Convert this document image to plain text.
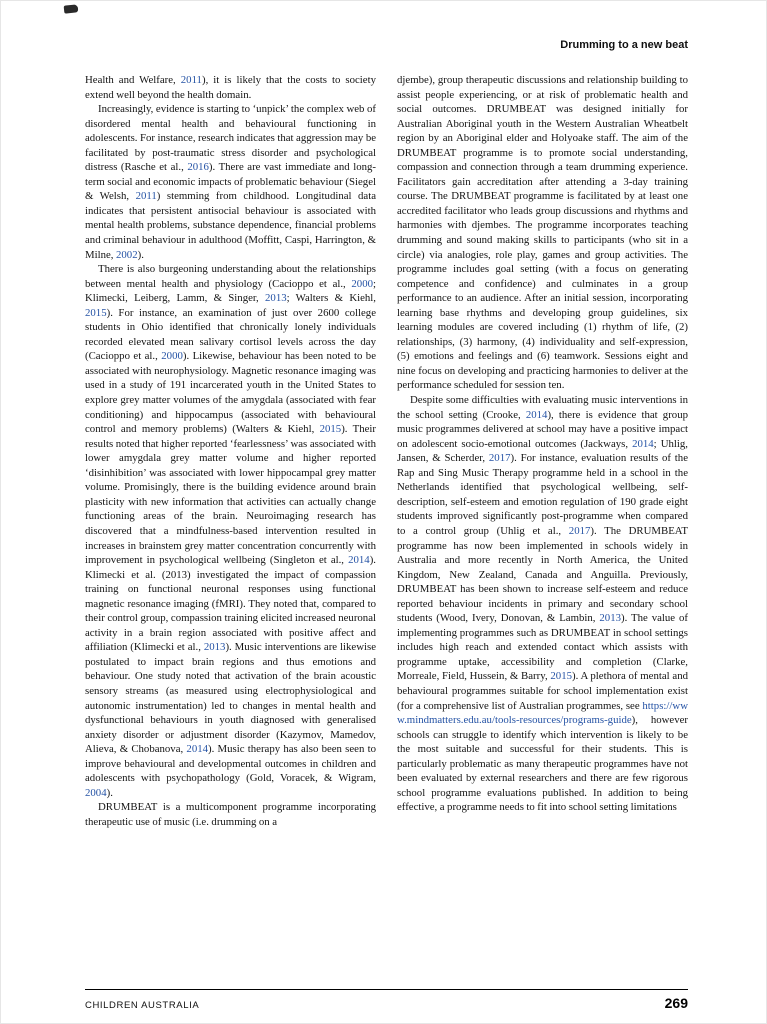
Drumming to a new beat

Health and Welfare, 2011), it is likely that the costs to society extend well beyond the health domain.

Increasingly, evidence is starting to ‘unpick’ the complex web of disordered mental health and behavioural functioning in adolescents. For instance, research indicates that aggression may be facilitated by post-traumatic stress disorder and psychological distress (Rasche et al., 2016). There are vast immediate and long-term social and economic impacts of problematic behaviour (Siegel & Welsh, 2011) stemming from childhood. Longitudinal data indicates that persistent antisocial behaviour is associated with mental health problems, substance dependence, financial problems and criminal behaviour in adulthood (Moffitt, Caspi, Harrington, & Milne, 2002).

There is also burgeoning understanding about the relationships between mental health and physiology (Cacioppo et al., 2000; Klimecki, Leiberg, Lamm, & Singer, 2013; Walters & Kiehl, 2015). For instance, an examination of just over 2600 college students in Ohio identified that chronically lonely individuals recorded elevated mean salivary cortisol levels across the day (Cacioppo et al., 2000). Likewise, behaviour has been noted to be associated with neurophysiology. Magnetic resonance imaging was used in a study of 191 incarcerated youth in the United States to explore grey matter volumes of the amygdala (associated with fear conditioning) and hippocampus (associated with behavioural control and memory problems) (Walters & Kiehl, 2015). Their results noted that higher reported ‘fearlessness’ was associated with lower amygdala grey matter volume and higher reported ‘disinhibition’ was associated with lower hippocampal grey matter volume. Promisingly, there is the building evidence around brain plasticity with new information that activities can actually change functioning areas of the brain. Neuroimaging research has discovered that a mindfulness-based intervention resulted in increases in brainstem grey matter concentration concurrently with improvement in psychological wellbeing (Singleton et al., 2014). Klimecki et al. (2013) investigated the impact of compassion training on functional neuronal responses using functional magnetic resonance imaging (fMRI). They noted that, compared to their control group, compassion training elicited increased neuronal activity in a brain region associated with positive affect and affiliation (Klimecki et al., 2013). Music interventions are likewise postulated to impact brain regions and thus emotions and behaviour. One study noted that activation of the brain acoustic sensory streams (as measured using electrophysiological and autonomic instrumentation) led to changes in mental health and dysfunctional behaviours in youth diagnosed with generalised anxiety disorder or adjustment disorder (Kazymov, Mamedov, Alieva, & Chobanova, 2014). Music therapy has also been seen to improve behavioural and developmental outcomes in children and adolescents with psychopathology (Gold, Voracek, & Wigram, 2004).

DRUMBEAT is a multicomponent programme incorporating therapeutic use of music (i.e. drumming on a

djembe), group therapeutic discussions and relationship building to assist people experiencing, or at risk of problematic health and social outcomes. DRUMBEAT was designed initially for Australian Aboriginal youth in the Western Australian Wheatbelt region by an Aboriginal elder and Holyoake staff. The aim of the DRUMBEAT programme is to promote social understanding, compassion and connection through a team drumming experience. Facilitators gain accreditation after attending a 3-day training course. The DRUMBEAT programme is facilitated by at least one accredited facilitator who leads group discussions and rhythms and harmonies with djembes. The programme incorporates teaching drumming and sound making skills to participants (who sit in a circle) via analogies, role play, games and group activities. The programme includes goal setting (with a focus on generating competence and confidence) and culminates in a group performance to an audience. After an initial session, incorporating learning base rhythms and developing group guidelines, six learning modules are covered including (1) rhythm of life, (2) relationships, (3) harmony, (4) individuality and self-expression, (5) emotions and feelings and (6) teamwork. Sessions eight and nine focus on developing and practicing harmonies to deliver at the performance scheduled for session ten.

Despite some difficulties with evaluating music interventions in the school setting (Crooke, 2014), there is evidence that group music programmes delivered at school may have a positive impact on adolescent socio-emotional outcomes (Jackways, 2014; Uhlig, Jansen, & Scherder, 2017). For instance, evaluation results of the Rap and Sing Music Therapy programme held in a school in the Netherlands identified that psychological wellbeing, self-description, self-esteem and emotion regulation of 190 grade eight students improved significantly post-programme when compared to a control group (Uhlig et al., 2017). The DRUMBEAT programme has now been implemented in schools widely in Australia and more recently in North America, the United Kingdom, New Zealand, Canada and Anguilla. Previously, DRUMBEAT has been shown to increase self-esteem and reduce reported behaviour incidents in primary and secondary school students (Wood, Ivery, Donovan, & Lambin, 2013). The value of implementing programmes such as DRUMBEAT in school settings includes high reach and extended contact which assists with programme uptake, accessibility and completion (Clarke, Morreale, Field, Hussein, & Barry, 2015). A plethora of mental and behavioural programmes suitable for school implementation exist (for a comprehensive list of Australian programmes, see https://www.mindmatters.edu.au/tools-resources/programs-guide), however schools can struggle to identify which intervention is likely to be the most suitable and successful for their students. This is particularly problematic as many therapeutic programmes have not been evaluated by external researchers and there are few rigorous school programme evaluations published. In addition to being effective, a programme needs to fit into school setting limitations

CHILDREN AUSTRALIA	269
